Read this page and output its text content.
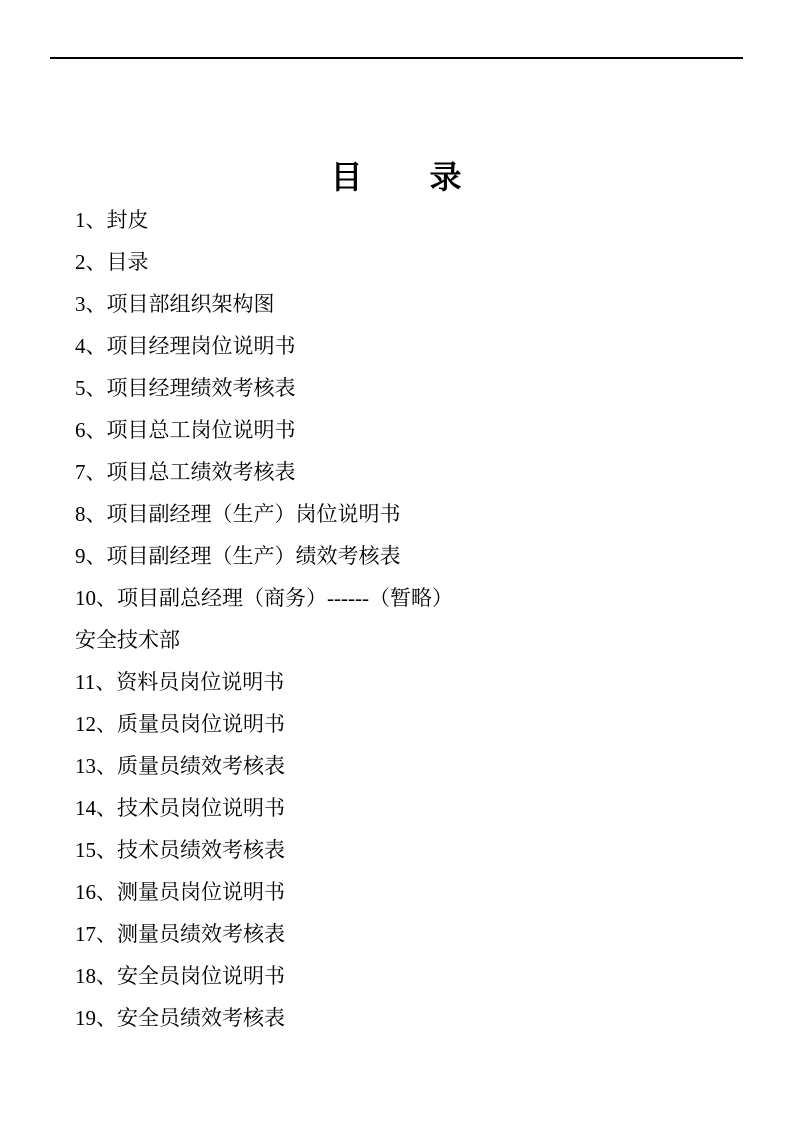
目　　录
1、封皮
2、目录
3、项目部组织架构图
4、项目经理岗位说明书
5、项目经理绩效考核表
6、项目总工岗位说明书
7、项目总工绩效考核表
8、项目副经理（生产）岗位说明书
9、项目副经理（生产）绩效考核表
10、项目副总经理（商务）------（暂略）
安全技术部
11、资料员岗位说明书
12、质量员岗位说明书
13、质量员绩效考核表
14、技术员岗位说明书
15、技术员绩效考核表
16、测量员岗位说明书
17、测量员绩效考核表
18、安全员岗位说明书
19、安全员绩效考核表
